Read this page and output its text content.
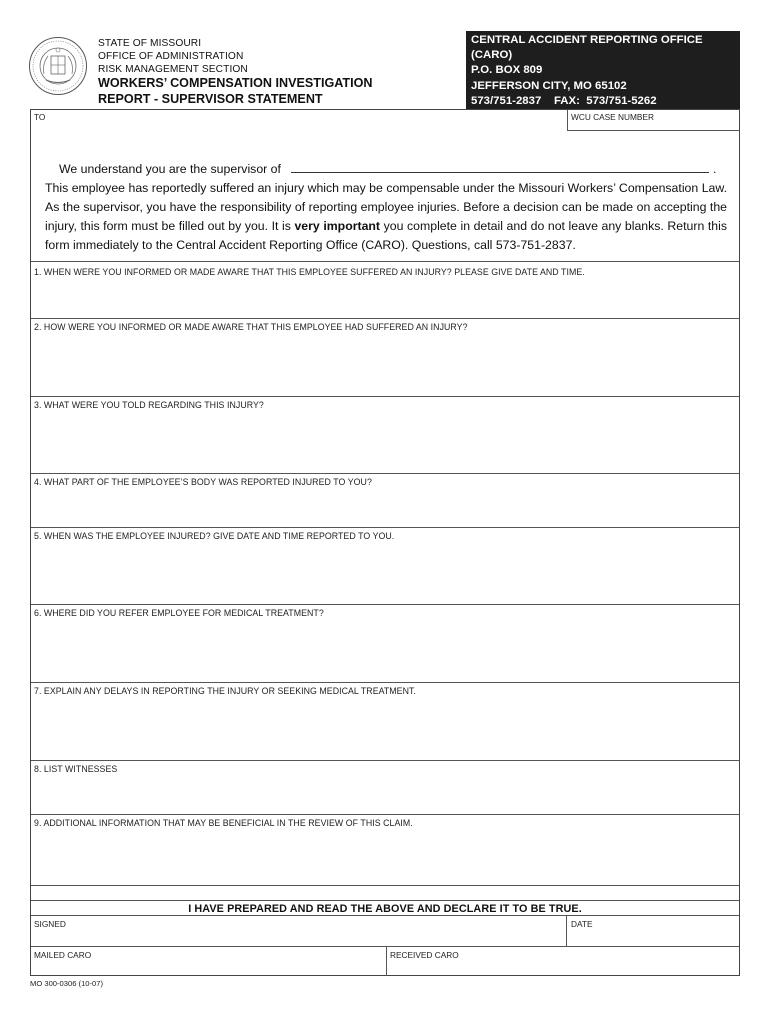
STATE OF MISSOURI
OFFICE OF ADMINISTRATION
RISK MANAGEMENT SECTION
WORKERS’ COMPENSATION INVESTIGATION
REPORT - SUPERVISOR STATEMENT
CENTRAL ACCIDENT REPORTING OFFICE
(CARO)
P.O. BOX 809
JEFFERSON CITY, MO 65102
573/751-2837    FAX:  573/751-5262
TO	WCU CASE NUMBER

We understand you are the supervisor of	.

This employee has reportedly suffered an injury which may be compensable under the Missouri Workers’ Compensation Law. As the supervisor, you have the responsibility of reporting employee injuries. Before a decision can be made on accepting the injury, this form must be filled out by you. It is very important you complete in detail and do not leave any blanks. Return this form immediately to the Central Accident Reporting Office (CARO). Questions, call 573-751-2837.

1. WHEN WERE YOU INFORMED OR MADE AWARE THAT THIS EMPLOYEE SUFFERED AN INJURY? PLEASE GIVE DATE AND TIME.
2. HOW WERE YOU INFORMED OR MADE AWARE THAT THIS EMPLOYEE HAD SUFFERED AN INJURY?
3. WHAT WERE YOU TOLD REGARDING THIS INJURY?
4. WHAT PART OF THE EMPLOYEE’S BODY WAS REPORTED INJURED TO YOU?
5. WHEN WAS THE EMPLOYEE INJURED? GIVE DATE AND TIME REPORTED TO YOU.
6. WHERE DID YOU REFER EMPLOYEE FOR MEDICAL TREATMENT?
7. EXPLAIN ANY DELAYS IN REPORTING THE INJURY OR SEEKING MEDICAL TREATMENT.
8. LIST WITNESSES
9. ADDITIONAL INFORMATION THAT MAY BE BENEFICIAL IN THE REVIEW OF THIS CLAIM.
I HAVE PREPARED AND READ THE ABOVE AND DECLARE IT TO BE TRUE.
SIGNED	DATE
MAILED CARO	RECEIVED CARO
MO 300-0306 (10-07)
